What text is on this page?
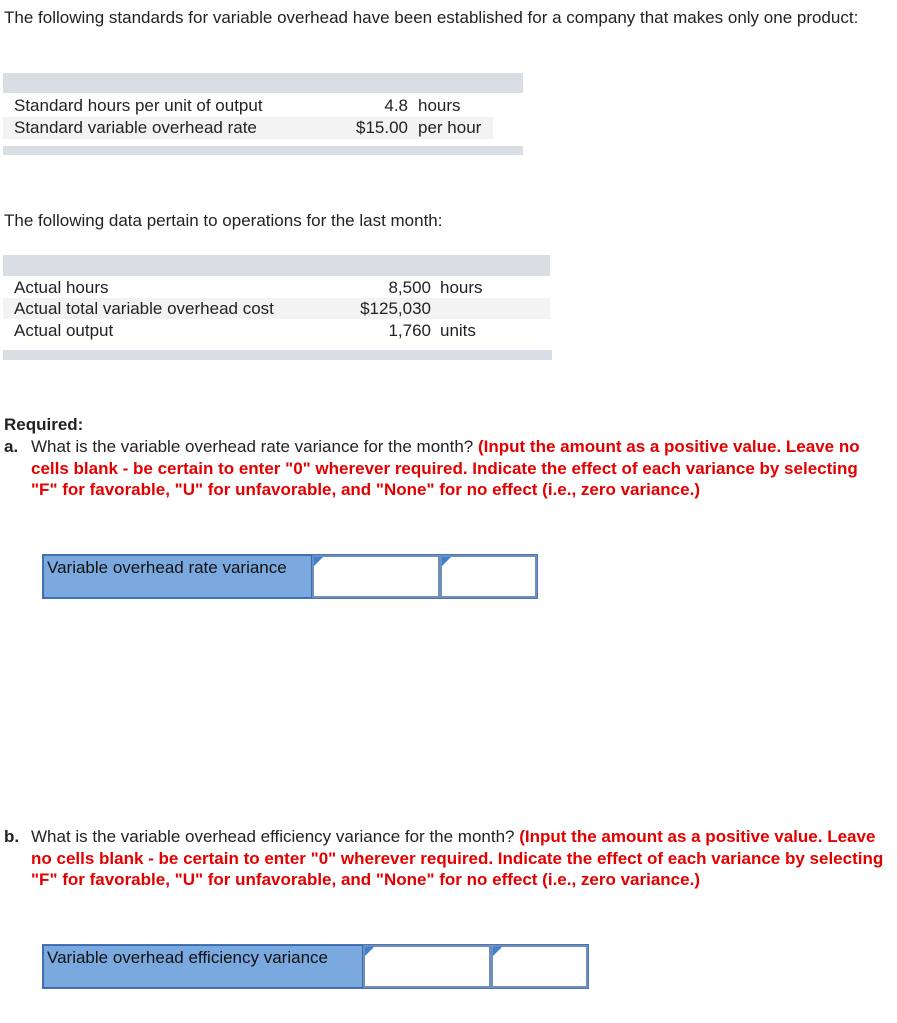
The following standards for variable overhead have been established for a company that makes only one product:
Standard hours per unit of output	4.8 hours
Standard variable overhead rate	$15.00 per hour
The following data pertain to operations for the last month:
Actual hours	8,500 hours
Actual total variable overhead cost	$125,030
Actual output	1,760 units
Required:
a. What is the variable overhead rate variance for the month? (Input the amount as a positive value. Leave no cells blank - be certain to enter "0" wherever required. Indicate the effect of each variance by selecting "F" for favorable, "U" for unfavorable, and "None" for no effect (i.e., zero variance.)
Variable overhead rate variance
b. What is the variable overhead efficiency variance for the month? (Input the amount as a positive value. Leave no cells blank - be certain to enter "0" wherever required. Indicate the effect of each variance by selecting "F" for favorable, "U" for unfavorable, and "None" for no effect (i.e., zero variance.)
Variable overhead efficiency variance
